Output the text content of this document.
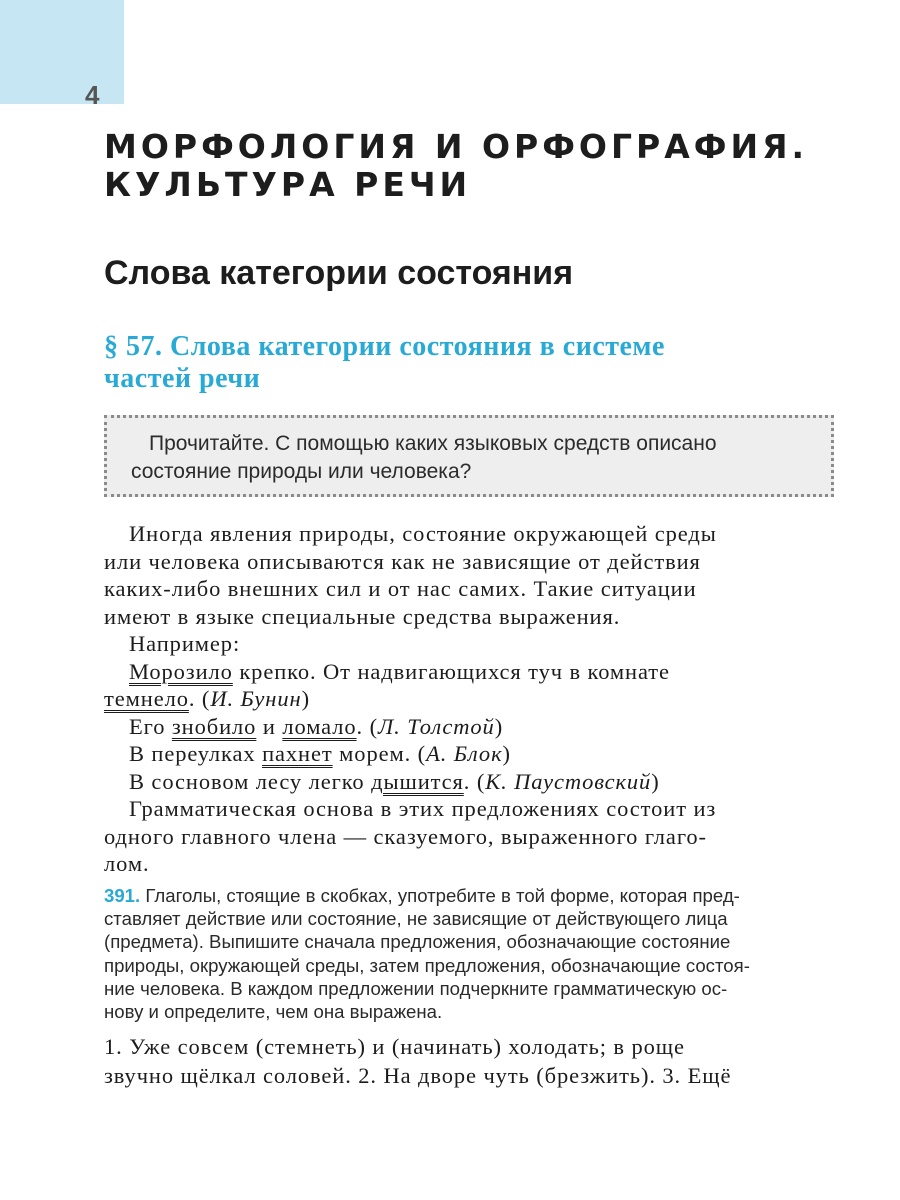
4
МОРФОЛОГИЯ И ОРФОГРАФИЯ.
КУЛЬТУРА РЕЧИ
Слова категории состояния
§ 57. Слова категории состояния в системе
частей речи

Прочитайте. С помощью каких языковых средств описано

состояние природы или человека?

Иногда явления природы, состояние окружающей среды
или человека описываются как не зависящие от действия
каких-либо внешних сил и от нас самих. Такие ситуации
имеют в языке специальные средства выражения.
Например:
Морозило крепко. От надвигающихся туч в комнате
темнело. (И. Бунин)
Его знобило и ломало. (Л. Толстой)
В переулках пахнет морем. (А. Блок)
В сосновом лесу легко дышится. (К. Паустовский)
Грамматическая основа в этих предложениях состоит из
одного главного члена — сказуемого, выраженного глаго-
лом.
391. Глаголы, стоящие в скобках, употребите в той форме, которая пред-
ставляет действие или состояние, не зависящие от действующего лица
(предмета). Выпишите сначала предложения, обозначающие состояние
природы, окружающей среды, затем предложения, обозначающие состоя-
ние человека. В каждом предложении подчеркните грамматическую ос-
нову и определите, чем она выражена.
1. Уже совсем (стемнеть) и (начинать) холодать; в роще
звучно щёлкал соловей. 2. На дворе чуть (брезжить). 3. Ещё
